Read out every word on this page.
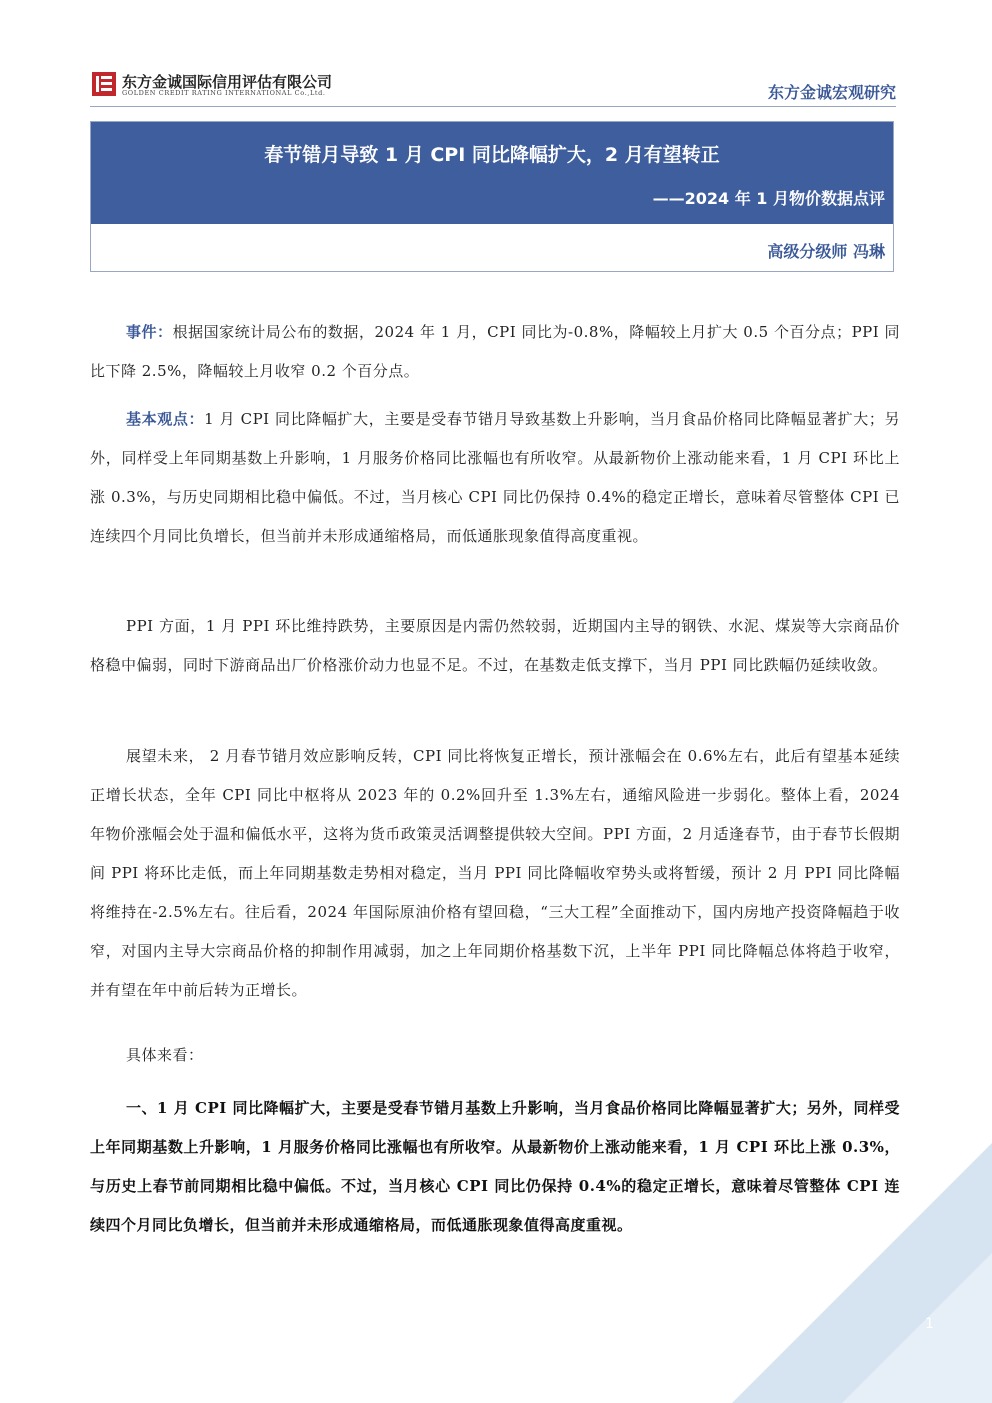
东方金诚国际信用评估有限公司
GOLDEN CREDIT RATING INTERNATIONAL Co.,Ltd.	东方金诚宏观研究
春节错月导致 1 月 CPI 同比降幅扩大，2 月有望转正
——2024 年 1 月物价数据点评
高级分级师 冯琳

事件：根据国家统计局公布的数据，2024 年 1 月，CPI 同比为-0.8%，降幅较上月扩大 0.5 个百分点；PPI 同比下降 2.5%，降幅较上月收窄 0.2 个百分点。

基本观点：1 月 CPI 同比降幅扩大，主要是受春节错月导致基数上升影响，当月食品价格同比降幅显著扩大；另外，同样受上年同期基数上升影响，1 月服务价格同比涨幅也有所收窄。从最新物价上涨动能来看，1 月 CPI 环比上涨 0.3%，与历史同期相比稳中偏低。不过，当月核心 CPI 同比仍保持 0.4%的稳定正增长，意味着尽管整体 CPI 已连续四个月同比负增长，但当前并未形成通缩格局，而低通胀现象值得高度重视。

PPI 方面，1 月 PPI 环比维持跌势，主要原因是内需仍然较弱，近期国内主导的钢铁、水泥、煤炭等大宗商品价格稳中偏弱，同时下游商品出厂价格涨价动力也显不足。不过，在基数走低支撑下，当月 PPI 同比跌幅仍延续收敛。

展望未来， 2 月春节错月效应影响反转，CPI 同比将恢复正增长，预计涨幅会在 0.6%左右，此后有望基本延续正增长状态，全年 CPI 同比中枢将从 2023 年的 0.2%回升至 1.3%左右，通缩风险进一步弱化。整体上看，2024 年物价涨幅会处于温和偏低水平，这将为货币政策灵活调整提供较大空间。PPI 方面，2 月适逢春节，由于春节长假期间 PPI 将环比走低，而上年同期基数走势相对稳定，当月 PPI 同比降幅收窄势头或将暂缓，预计 2 月 PPI 同比降幅将维持在-2.5%左右。往后看，2024 年国际原油价格有望回稳，“三大工程”全面推动下，国内房地产投资降幅趋于收窄，对国内主导大宗商品价格的抑制作用减弱，加之上年同期价格基数下沉，上半年 PPI 同比降幅总体将趋于收窄，并有望在年中前后转为正增长。

具体来看：

一、1 月 CPI 同比降幅扩大，主要是受春节错月基数上升影响，当月食品价格同比降幅显著扩大；另外，同样受上年同期基数上升影响，1 月服务价格同比涨幅也有所收窄。从最新物价上涨动能来看，1 月 CPI 环比上涨 0.3%，与历史上春节前同期相比稳中偏低。不过，当月核心 CPI 同比仍保持 0.4%的稳定正增长，意味着尽管整体 CPI 连续四个月同比负增长，但当前并未形成通缩格局，而低通胀现象值得高度重视。

1
